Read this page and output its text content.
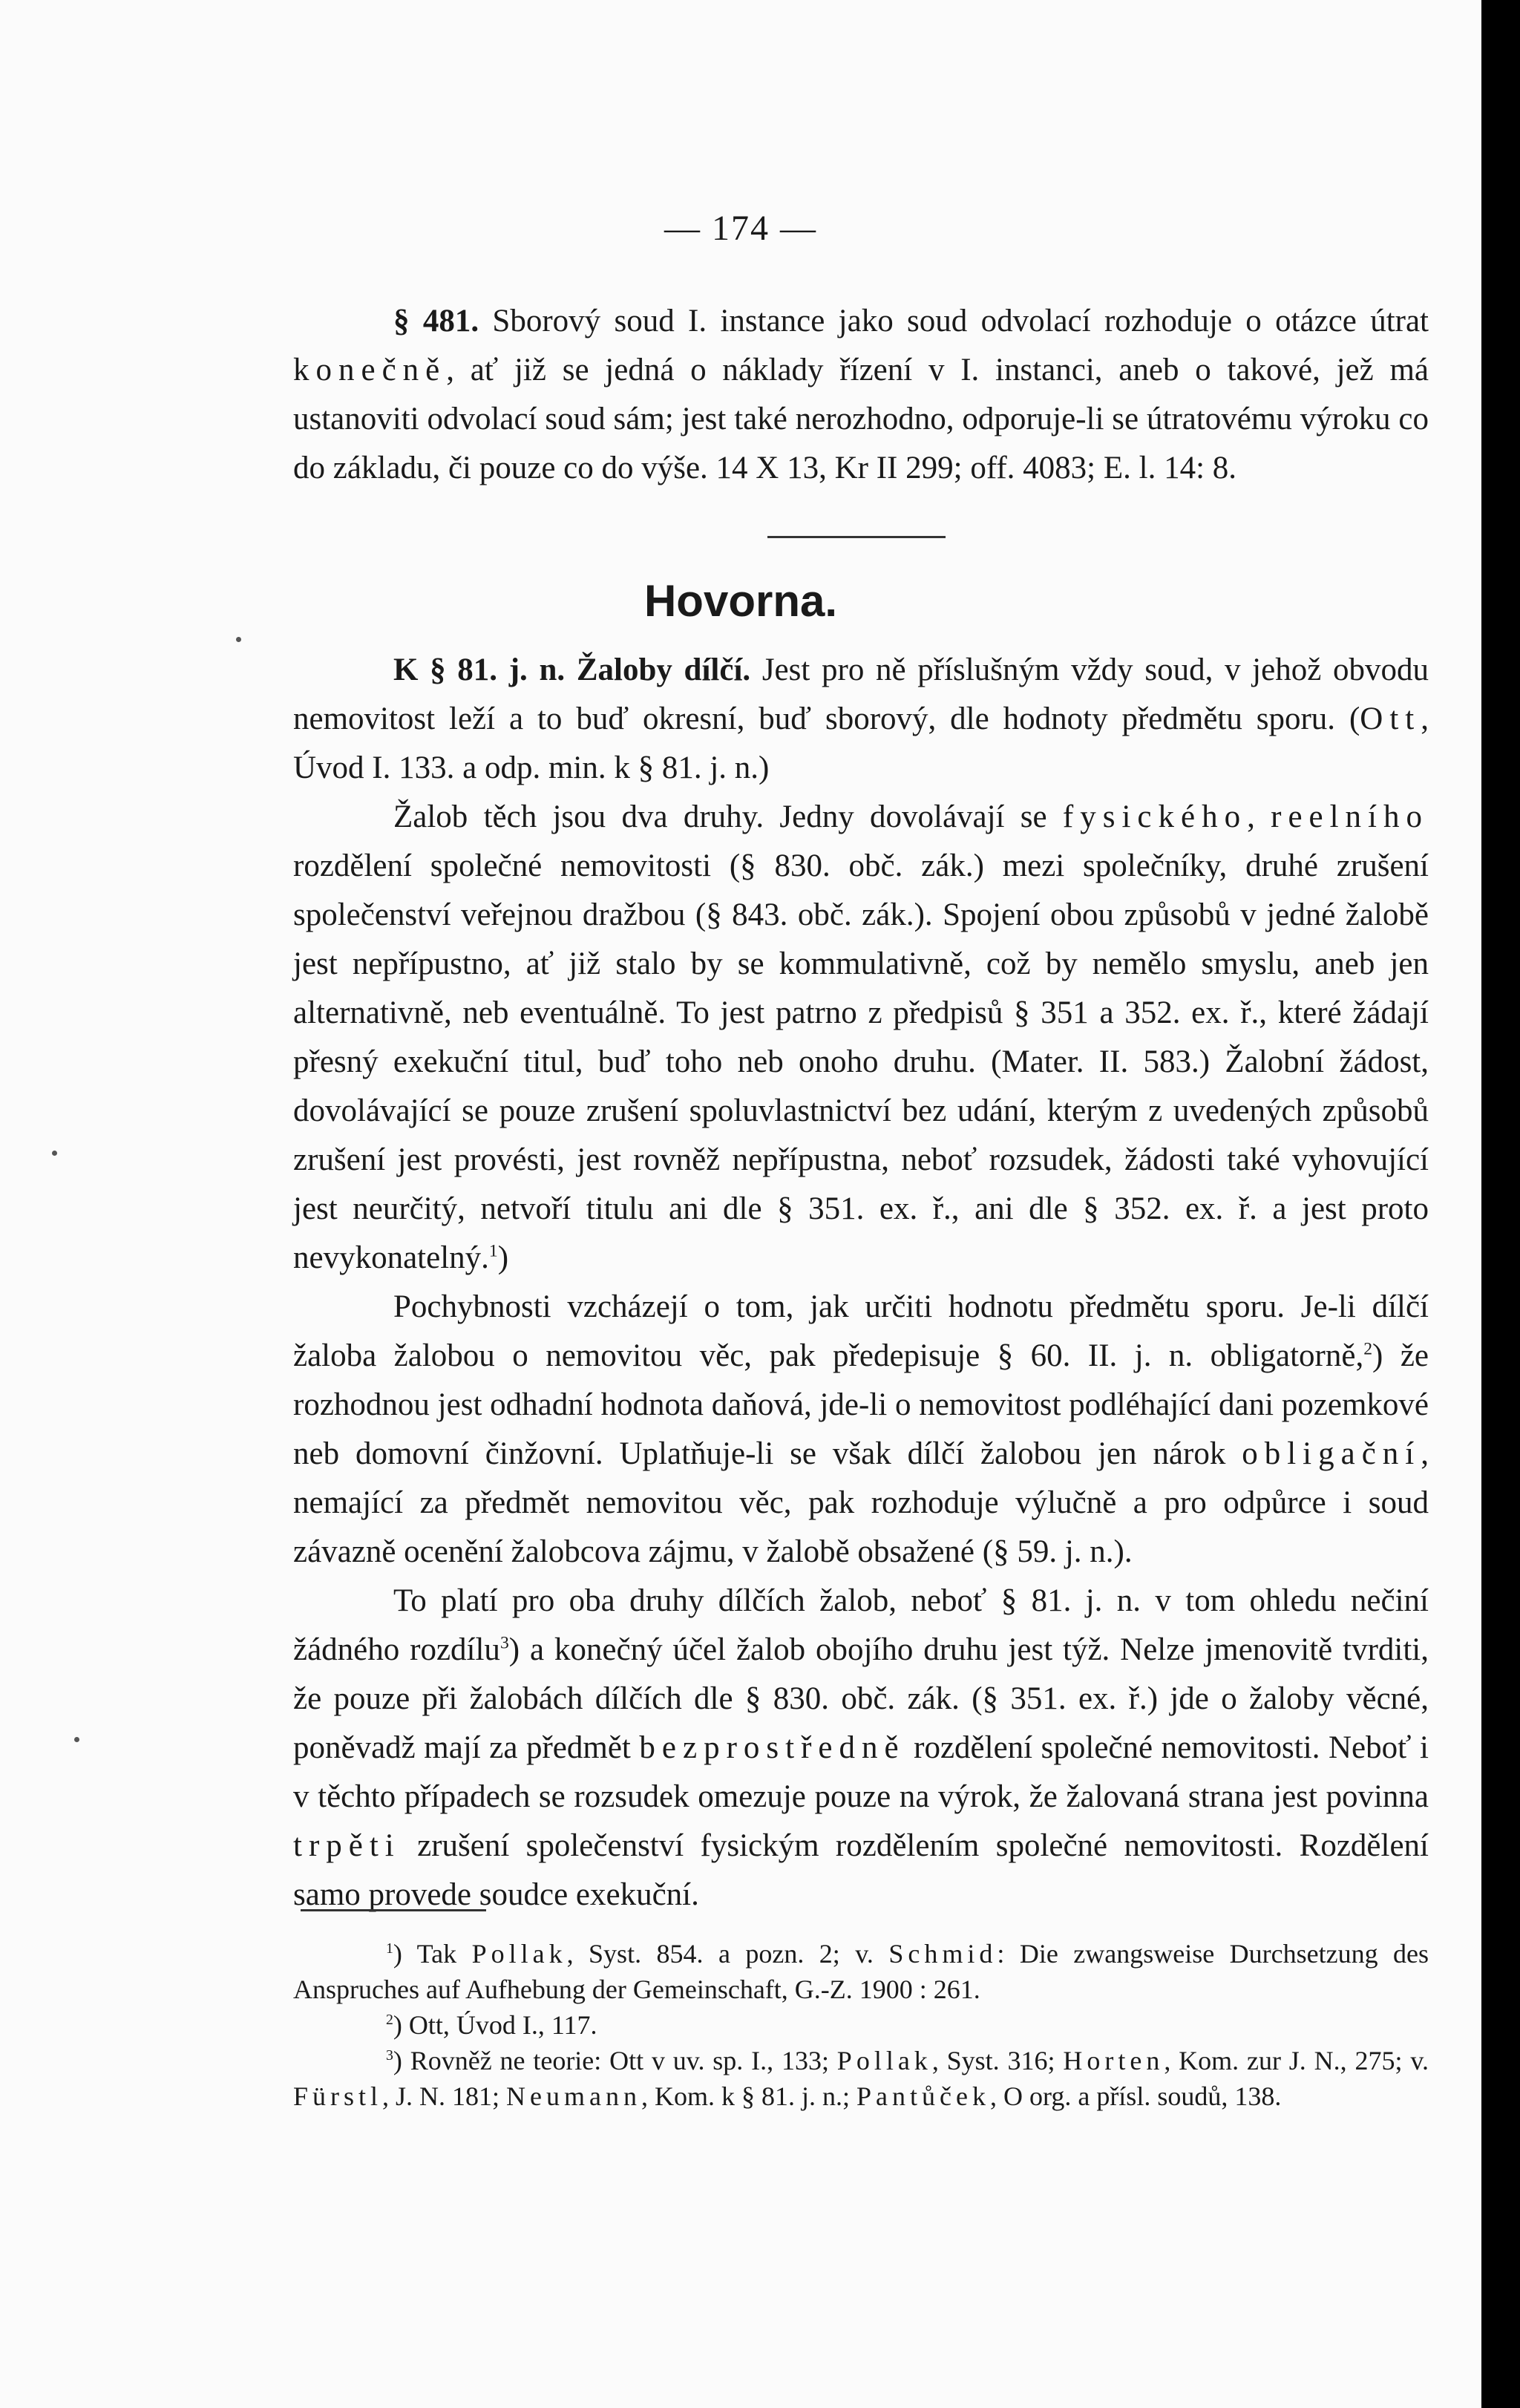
— 174 —

§ 481. Sborový soud I. instance jako soud odvolací rozhoduje o otázce útrat konečně, ať již se jedná o náklady řízení v I. instanci, aneb o takové, jež má ustanoviti odvolací soud sám; jest také nerozhodno, odporuje-li se útratovému výroku co do základu, či pouze co do výše. 14 X 13, Kr II 299; off. 4083; E. l. 14: 8.

Hovorna.

K § 81. j. n. Žaloby dílčí. Jest pro ně příslušným vždy soud, v jehož obvodu nemovitost leží a to buď okresní, buď sborový, dle hodnoty předmětu sporu. (Ott, Úvod I. 133. a odp. min. k § 81. j. n.)

Žalob těch jsou dva druhy. Jedny dovolávají se fysického, reelního rozdělení společné nemovitosti (§ 830. obč. zák.) mezi společníky, druhé zrušení společenství veřejnou dražbou (§ 843. obč. zák.). Spojení obou způsobů v jedné žalobě jest nepřípustno, ať již stalo by se kommulativně, což by nemělo smyslu, aneb jen alternativně, neb eventuálně. To jest patrno z předpisů § 351 a 352. ex. ř., které žádají přesný exekuční titul, buď toho neb onoho druhu. (Mater. II. 583.) Žalobní žádost, dovolávající se pouze zrušení spoluvlastnictví bez udání, kterým z uvedených způsobů zrušení jest provésti, jest rovněž nepřípustna, neboť rozsudek, žádosti také vyhovující jest neurčitý, netvoří titulu ani dle § 351. ex. ř., ani dle § 352. ex. ř. a jest proto nevykonatelný.$^1$)

Pochybnosti vzcházejí o tom, jak určiti hodnotu předmětu sporu. Je-li dílčí žaloba žalobou o nemovitou věc, pak předepisuje § 60. II. j. n. obligatorně,$^2$) že rozhodnou jest odhadní hodnota daňová, jde-li o nemovitost podléhající dani pozemkové neb domovní činžovní. Uplatňuje-li se však dílčí žalobou jen nárok obligační, nemající za předmět nemovitou věc, pak rozhoduje výlučně a pro odpůrce i soud závazně ocenění žalobcova zájmu, v žalobě obsažené (§ 59. j. n.).

To platí pro oba druhy dílčích žalob, neboť § 81. j. n. v tom ohledu nečiní žádného rozdílu$^3$) a konečný účel žalob obojího druhu jest týž. Nelze jmenovitě tvrditi, že pouze při žalobách dílčích dle § 830. obč. zák. (§ 351. ex. ř.) jde o žaloby věcné, poněvadž mají za předmět bezprostředně rozdělení společné nemovitosti. Neboť i v těchto případech se rozsudek omezuje pouze na výrok, že žalovaná strana jest povinna trpěti zrušení společenství fysickým rozdělením společné nemovitosti. Rozdělení samo provede soudce exekuční.

$^1$) Tak Pollak, Syst. 854. a pozn. 2; v. Schmid: Die zwangsweise Durchsetzung des Anspruches auf Aufhebung der Gemeinschaft, G.-Z. 1900 : 261.

$^2$) Ott, Úvod I., 117.

$^3$) Rovněž ne teorie: Ott v uv. sp. I., 133; Pollak, Syst. 316; Horten, Kom. zur J. N., 275; v. Fürstl, J. N. 181; Neumann, Kom. k § 81. j. n.; Pantůček, O org. a přísl. soudů, 138.
